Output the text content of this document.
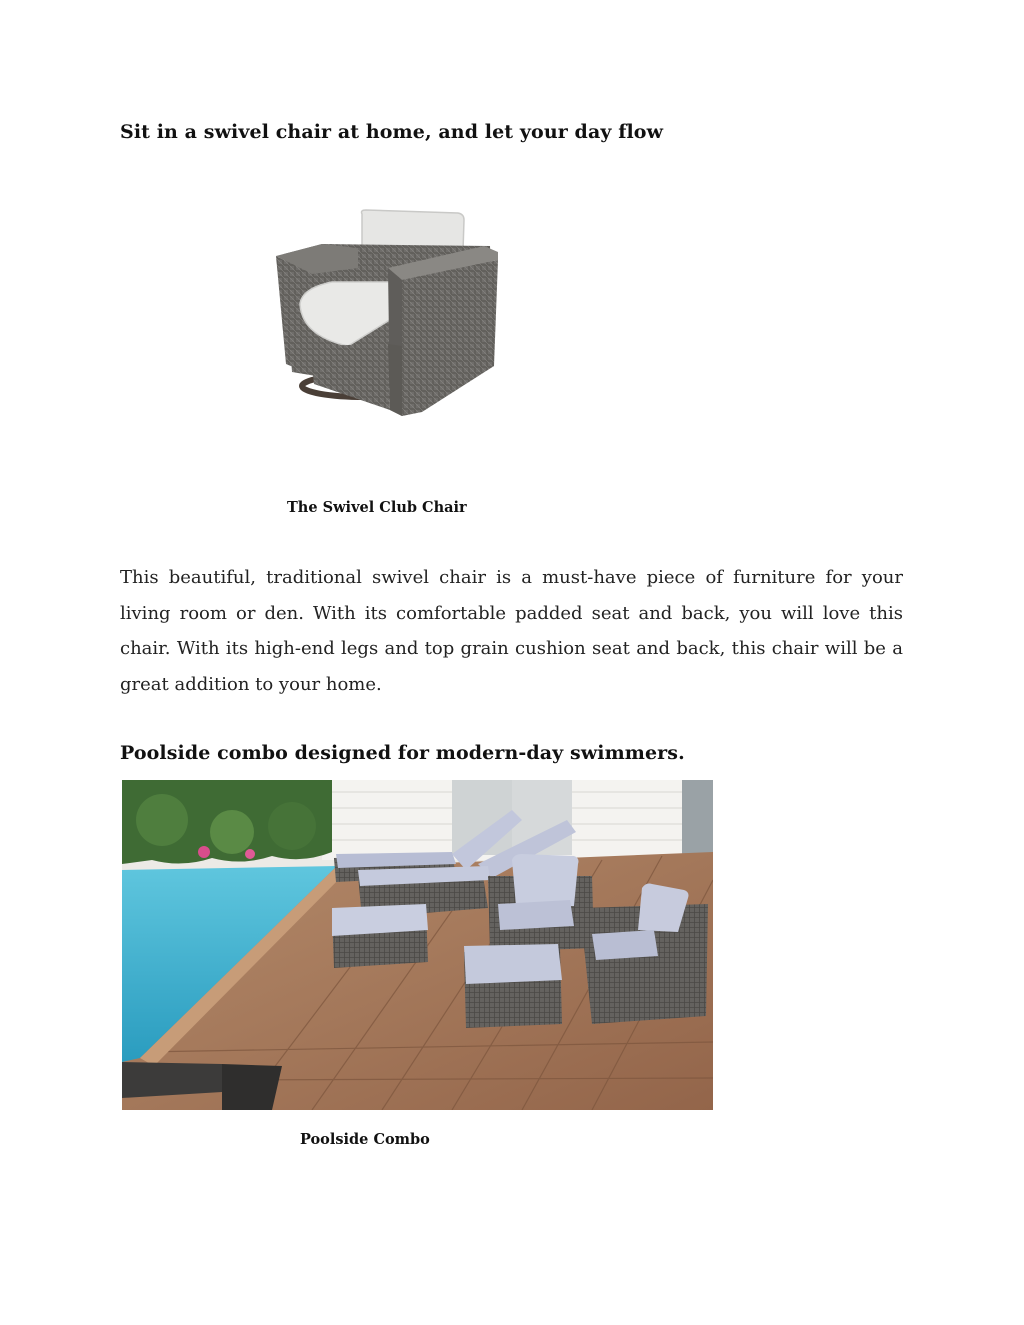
Sit in a swivel chair at home, and let your day flow

The Swivel Club Chair

This beautiful, traditional swivel chair is a must-have piece of furniture for your living room or den. With its comfortable padded seat and back, you will love this chair. With its high-end legs and top grain cushion seat and back, this chair will be a great addition to your home.

Poolside combo designed for modern-day swimmers.

Poolside Combo
